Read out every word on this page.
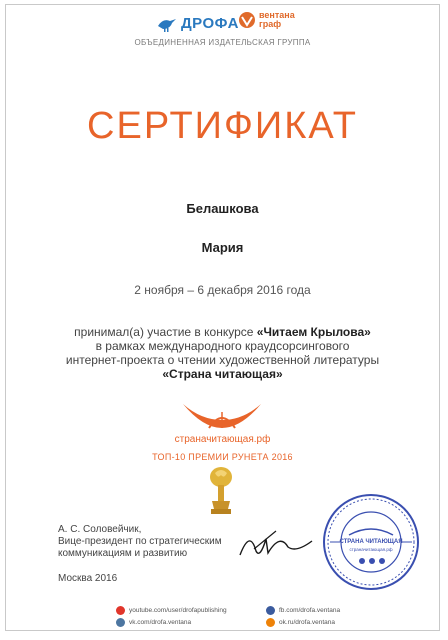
ДРОФА вентана
граф
ОБЪЕДИНЕННАЯ ИЗДАТЕЛЬСКАЯ ГРУППА
СЕРТИФИКАТ
Белашкова
Мария
2 ноября – 6 декабря 2016 года
принимал(а) участие в конкурсе «Читаем Крылова»
в рамках международного краудсорсингового
интернет-проекта о чтении художественной литературы
«Страна читающая»
страначитающая.рф
ТОП-10 ПРЕМИИ РУНЕТА 2016
А. С. Соловейчик,
Вице-президент по стратегическим
коммуникациям и развитию
Москва 2016
СТРАНА ЧИТАЮЩАЯ
страначитающая.рф
youtube.com/user/drofapublishing	fb.com/drofa.ventana
vk.com/drofa.ventana	ok.ru/drofa.ventana
